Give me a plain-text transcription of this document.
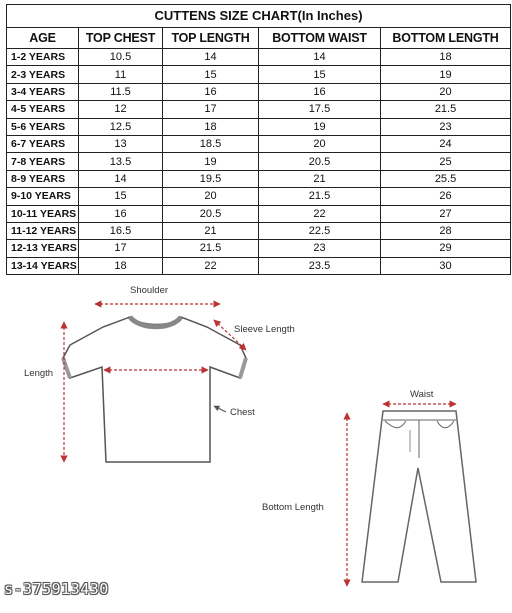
CUTTENS SIZE CHART(In Inches)				
AGE	TOP CHEST	TOP LENGTH	BOTTOM WAIST	BOTTOM LENGTH
1-2 YEARS	10.5	14	14	18
2-3 YEARS	11	15	15	19
3-4 YEARS	11.5	16	16	20
4-5 YEARS	12	17	17.5	21.5
5-6 YEARS	12.5	18	19	23
6-7 YEARS	13	18.5	20	24
7-8 YEARS	13.5	19	20.5	25
8-9 YEARS	14	19.5	21	25.5
9-10 YEARS	15	20	21.5	26
10-11 YEARS	16	20.5	22	27
11-12 YEARS	16.5	21	22.5	28
12-13 YEARS	17	21.5	23	29
13-14 YEARS	18	22	23.5	30
Shoulder
Sleeve Length
Length
Chest
Waist
Bottom Length
s-375913430
